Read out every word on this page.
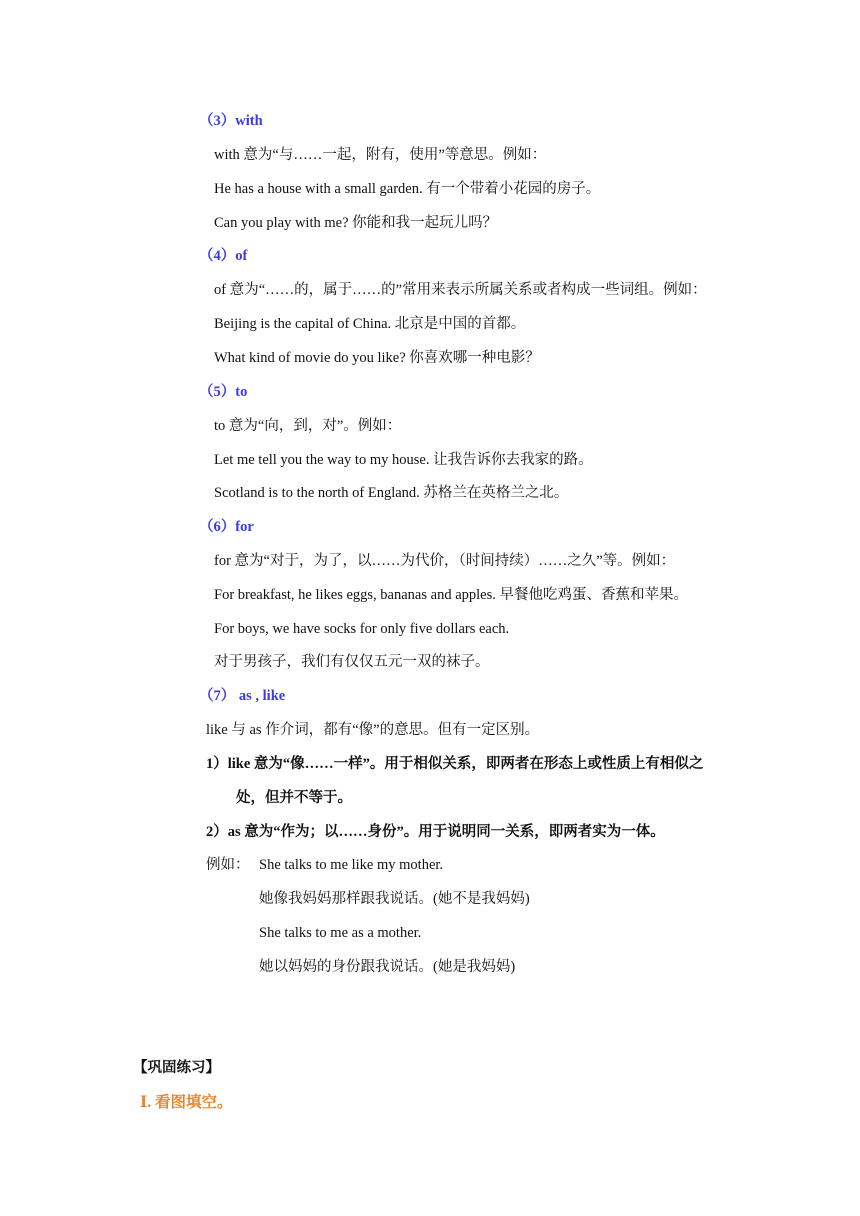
（3）with
with 意为“与……一起，附有，使用”等意思。例如：
He has a house with a small garden. 有一个带着小花园的房子。
Can you play with me? 你能和我一起玩儿吗？
（4）of
of 意为“……的，属于……的”常用来表示所属关系或者构成一些词组。例如：
Beijing is the capital of China. 北京是中国的首都。
What kind of movie do you like? 你喜欢哪一种电影？
（5）to
to 意为“向，到，对”。例如：
Let me tell you the way to my house. 让我告诉你去我家的路。
Scotland is to the north of England. 苏格兰在英格兰之北。
（6）for
for 意为“对于，为了，以……为代价，（时间持续）……之久”等。例如：
For breakfast, he likes eggs, bananas and apples. 早餐他吃鸡蛋、香蕉和苹果。
For boys, we have socks for only five dollars each.
对于男孩子，我们有仅仅五元一双的袜子。
（7） as , like
like 与 as 作介词，都有“像”的意思。但有一定区别。
1）like 意为“像……一样”。用于相似关系，即两者在形态上或性质上有相似之
处，但并不等于。
2）as 意为“作为；以……身份”。用于说明同一关系，即两者实为一体。
例如： She talks to me like my mother.
她像我妈妈那样跟我说话。(她不是我妈妈)
She talks to me as a mother.
她以妈妈的身份跟我说话。(她是我妈妈)
【巩固练习】
Ⅰ. 看图填空。
